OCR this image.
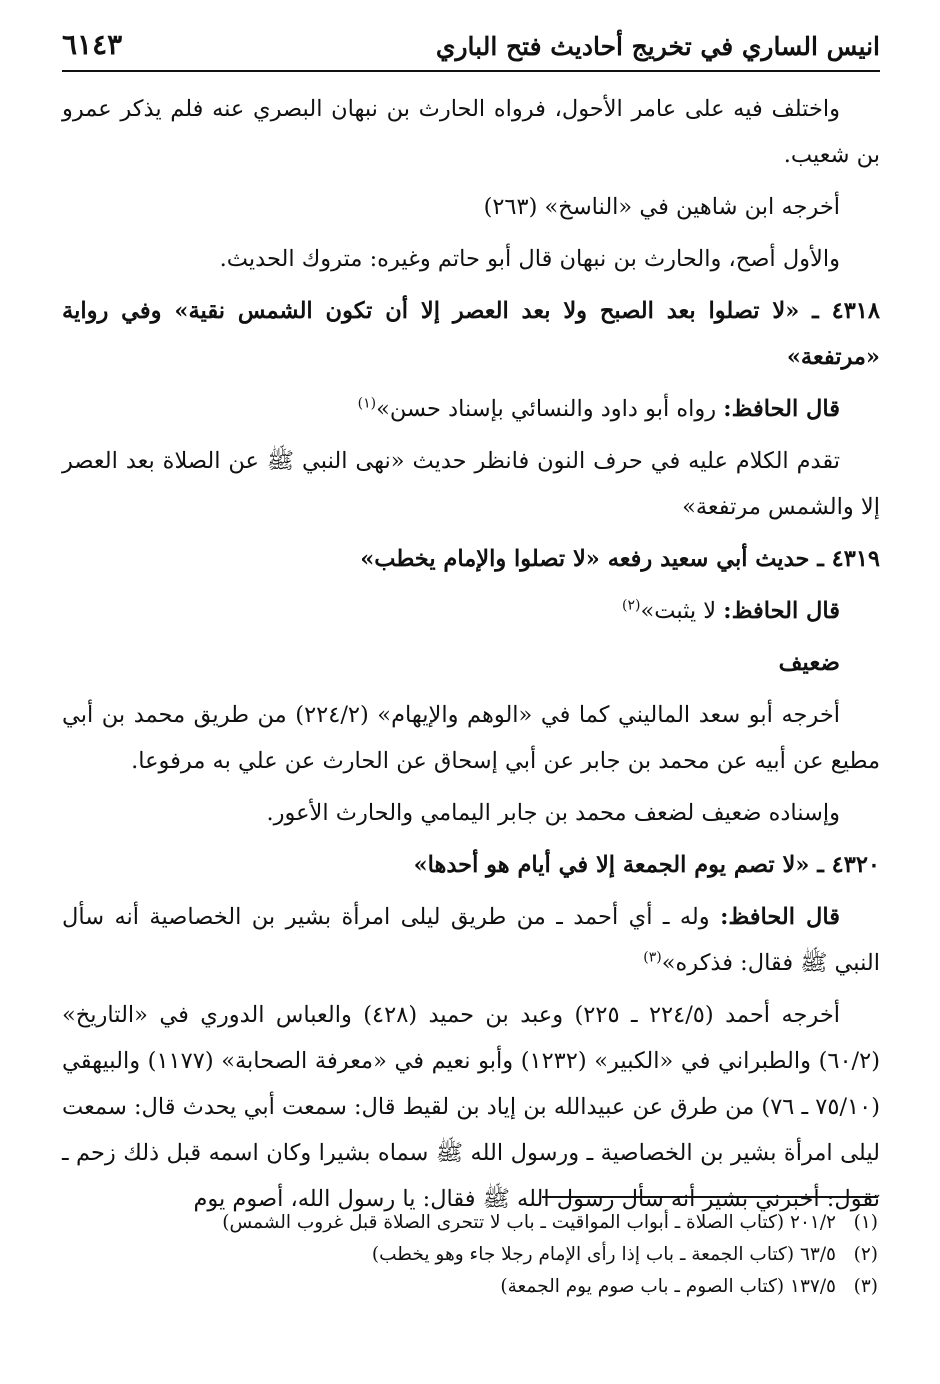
انيس الساري في تخريج أحاديث فتح الباري
٦١٤٣

واختلف فيه على عامر الأحول، فرواه الحارث بن نبهان البصري عنه فلم يذكر عمرو بن شعيب.

أخرجه ابن شاهين في «الناسخ» (٢٦٣)

والأول أصح، والحارث بن نبهان قال أبو حاتم وغيره: متروك الحديث.

٤٣١٨ ـ «لا تصلوا بعد الصبح ولا بعد العصر إلا أن تكون الشمس نقية» وفي رواية «مرتفعة»

قال الحافظ: رواه أبو داود والنسائي بإسناد حسن»$^{(١)}$

تقدم الكلام عليه في حرف النون فانظر حديث «نهى النبي ﷺ عن الصلاة بعد العصر إلا والشمس مرتفعة»

٤٣١٩ ـ حديث أبي سعيد رفعه «لا تصلوا والإمام يخطب»

قال الحافظ: لا يثبت»$^{(٢)}$

ضعيف

أخرجه أبو سعد الماليني كما في «الوهم والإيهام» (٢٢٤/٢) من طريق محمد بن أبي مطيع عن أبيه عن محمد بن جابر عن أبي إسحاق عن الحارث عن علي به مرفوعا.

وإسناده ضعيف لضعف محمد بن جابر اليمامي والحارث الأعور.

٤٣٢٠ ـ «لا تصم يوم الجمعة إلا في أيام هو أحدها»

قال الحافظ: وله ـ أي أحمد ـ من طريق ليلى امرأة بشير بن الخصاصية أنه سأل النبي ﷺ فقال: فذكره»$^{(٣)}$

أخرجه أحمد (٢٢٤/٥ ـ ٢٢٥) وعبد بن حميد (٤٢٨) والعباس الدوري في «التاريخ» (٦٠/٢) والطبراني في «الكبير» (١٢٣٢) وأبو نعيم في «معرفة الصحابة» (١١٧٧) والبيهقي (٧٥/١٠ ـ ٧٦) من طرق عن عبيدالله بن إياد بن لقيط قال: سمعت أبي يحدث قال: سمعت ليلى امرأة بشير بن الخصاصية ـ ورسول الله ﷺ سماه بشيرا وكان اسمه قبل ذلك زحم ـ تقول: أخبرني بشير أنه سأل رسول الله ﷺ فقال: يا رسول الله، أصوم يوم

(١)٢٠١/٢ (كتاب الصلاة ـ أبواب المواقيت ـ باب لا تتحرى الصلاة قبل غروب الشمس)

(٢)٦٣/٥ (كتاب الجمعة ـ باب إذا رأى الإمام رجلا جاء وهو يخطب)

(٣)١٣٧/٥ (كتاب الصوم ـ باب صوم يوم الجمعة)
